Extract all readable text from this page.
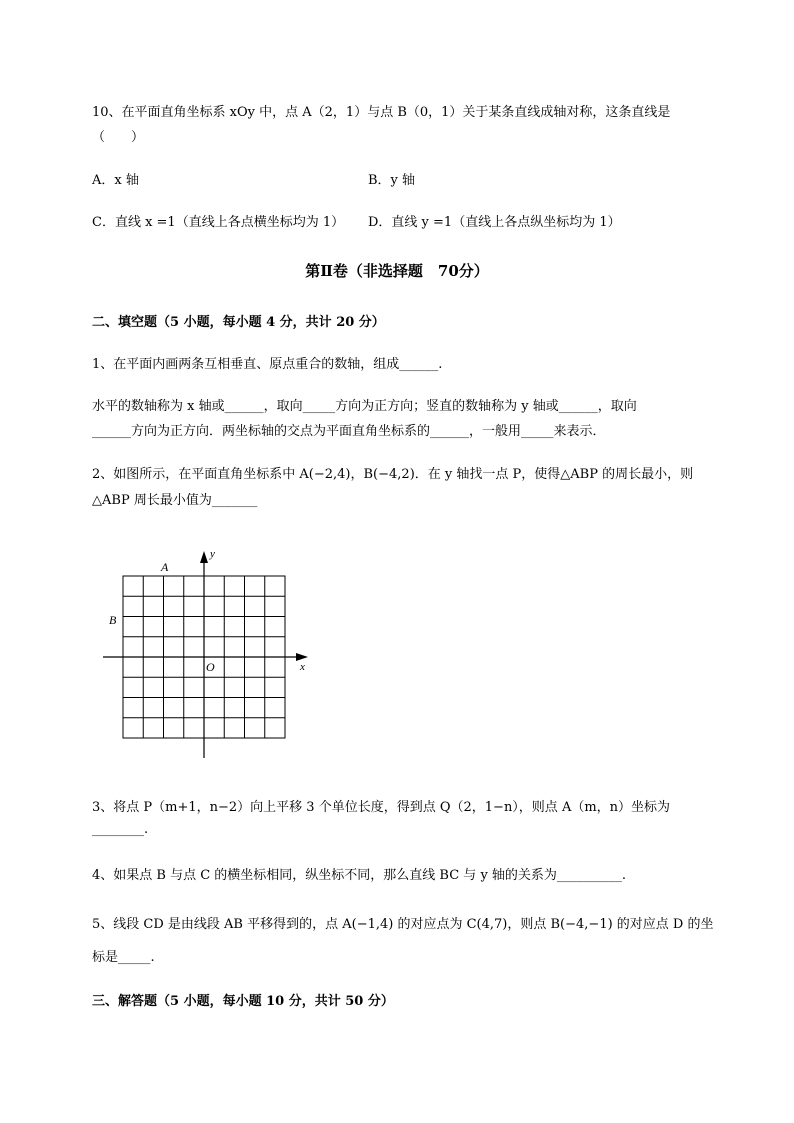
10、在平面直角坐标系 xOy 中，点 A（2，1）与点 B（0，1）关于某条直线成轴对称，这条直线是
（　　）
A．x 轴	B．y 轴
C．直线 x =1（直线上各点横坐标均为 1） D．直线 y =1（直线上各点纵坐标均为 1）
第Ⅱ卷（非选择题　70分）
二、填空题（5 小题，每小题 4 分，共计 20 分）
1、在平面内画两条互相垂直、原点重合的数轴，组成______.
水平的数轴称为 x 轴或______，取向_____方向为正方向；竖直的数轴称为 y 轴或______，取向
______方向为正方向．两坐标轴的交点为平面直角坐标系的______，一般用_____来表示．
2、如图所示，在平面直角坐标系中 A(−2,4)，B(−4,2)．在 y 轴找一点 P，使得△ABP 的周长最小，则
△ABP 周长最小值为_______
A
B
O	x
y
3、将点 P（m+1，n−2）向上平移 3 个单位长度，得到点 Q（2，1−n），则点 A（m，n）坐标为
________.
4、如果点 B 与点 C 的横坐标相同，纵坐标不同，那么直线 BC 与 y 轴的关系为__________.
5、线段 CD 是由线段 AB 平移得到的，点 A(−1,4) 的对应点为 C(4,7)，则点 B(−4,−1) 的对应点 D 的坐
标是_____.
三、解答题（5 小题，每小题 10 分，共计 50 分）
